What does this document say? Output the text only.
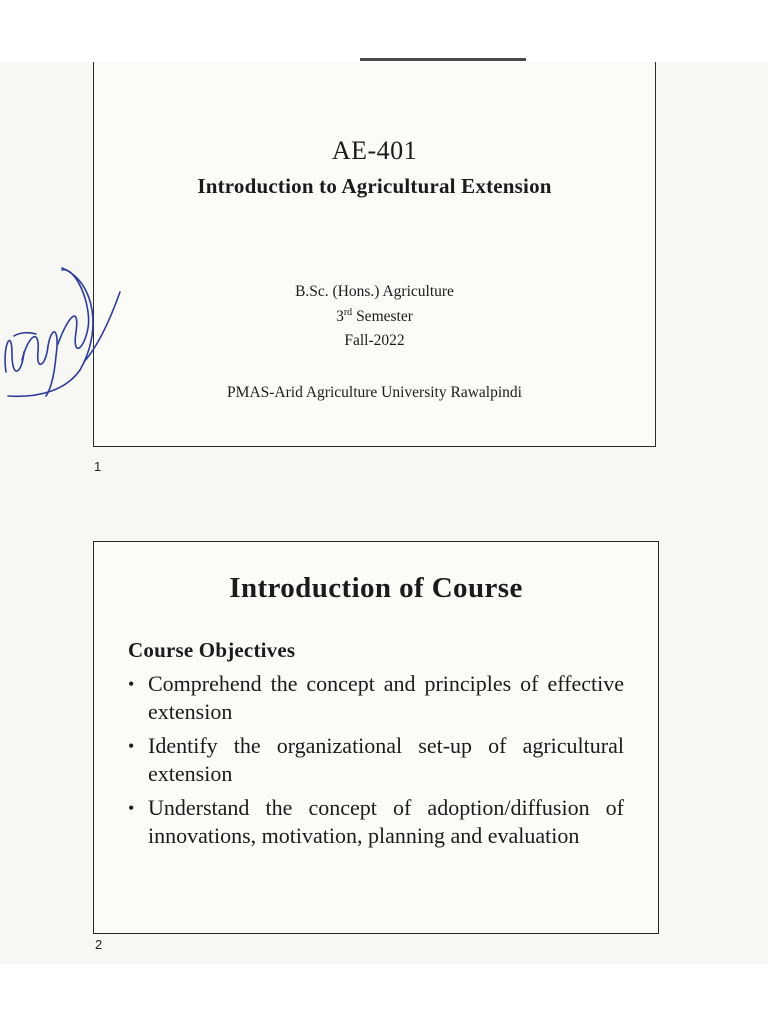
AE-401
Introduction to Agricultural Extension
B.Sc. (Hons.) Agriculture
3rd Semester
Fall-2022
PMAS-Arid Agriculture University Rawalpindi
1
Introduction of Course
Course Objectives
• Comprehend the concept and principles of effective extension
• Identify the organizational set-up of agricultural extension
• Understand the concept of adoption/diffusion of innovations, motivation, planning and evaluation
2
